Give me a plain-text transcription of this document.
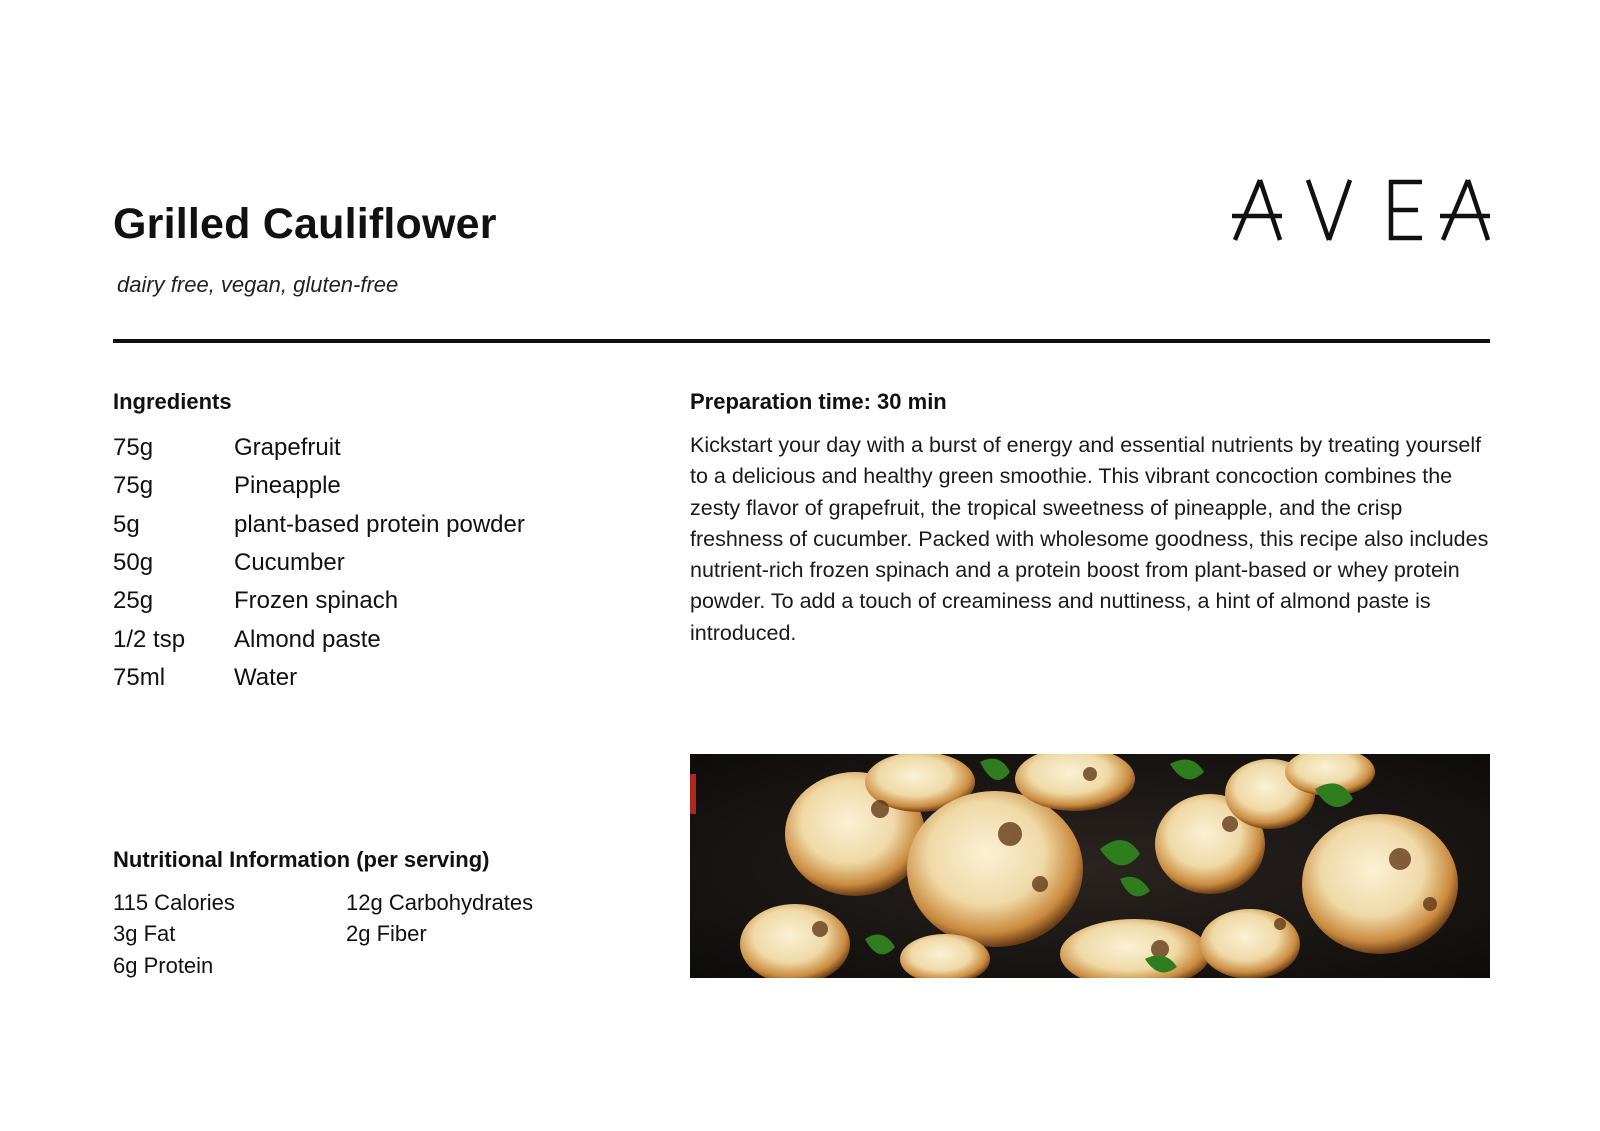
Grilled Cauliflower
dairy free, vegan, gluten-free
Ingredients
75g	Grapefruit
75g	Pineapple
5g	plant-based protein powder
50g	Cucumber
25g	Frozen spinach
1/2 tsp	Almond paste
75ml	Water
Preparation time: 30 min

Kickstart your day with a burst of energy and essential nutrients by treating yourself to a delicious and healthy green smoothie. This vibrant concoction combines the zesty flavor of grapefruit, the tropical sweetness of pineapple, and the crisp freshness of cucumber. Packed with wholesome goodness, this recipe also includes nutrient-rich frozen spinach and a protein boost from plant-based or whey protein powder. To add a touch of creaminess and nuttiness, a hint of almond paste is introduced.

Nutritional Information (per serving)
115 Calories	12g Carbohydrates
3g Fat	2g Fiber
6g Protein
